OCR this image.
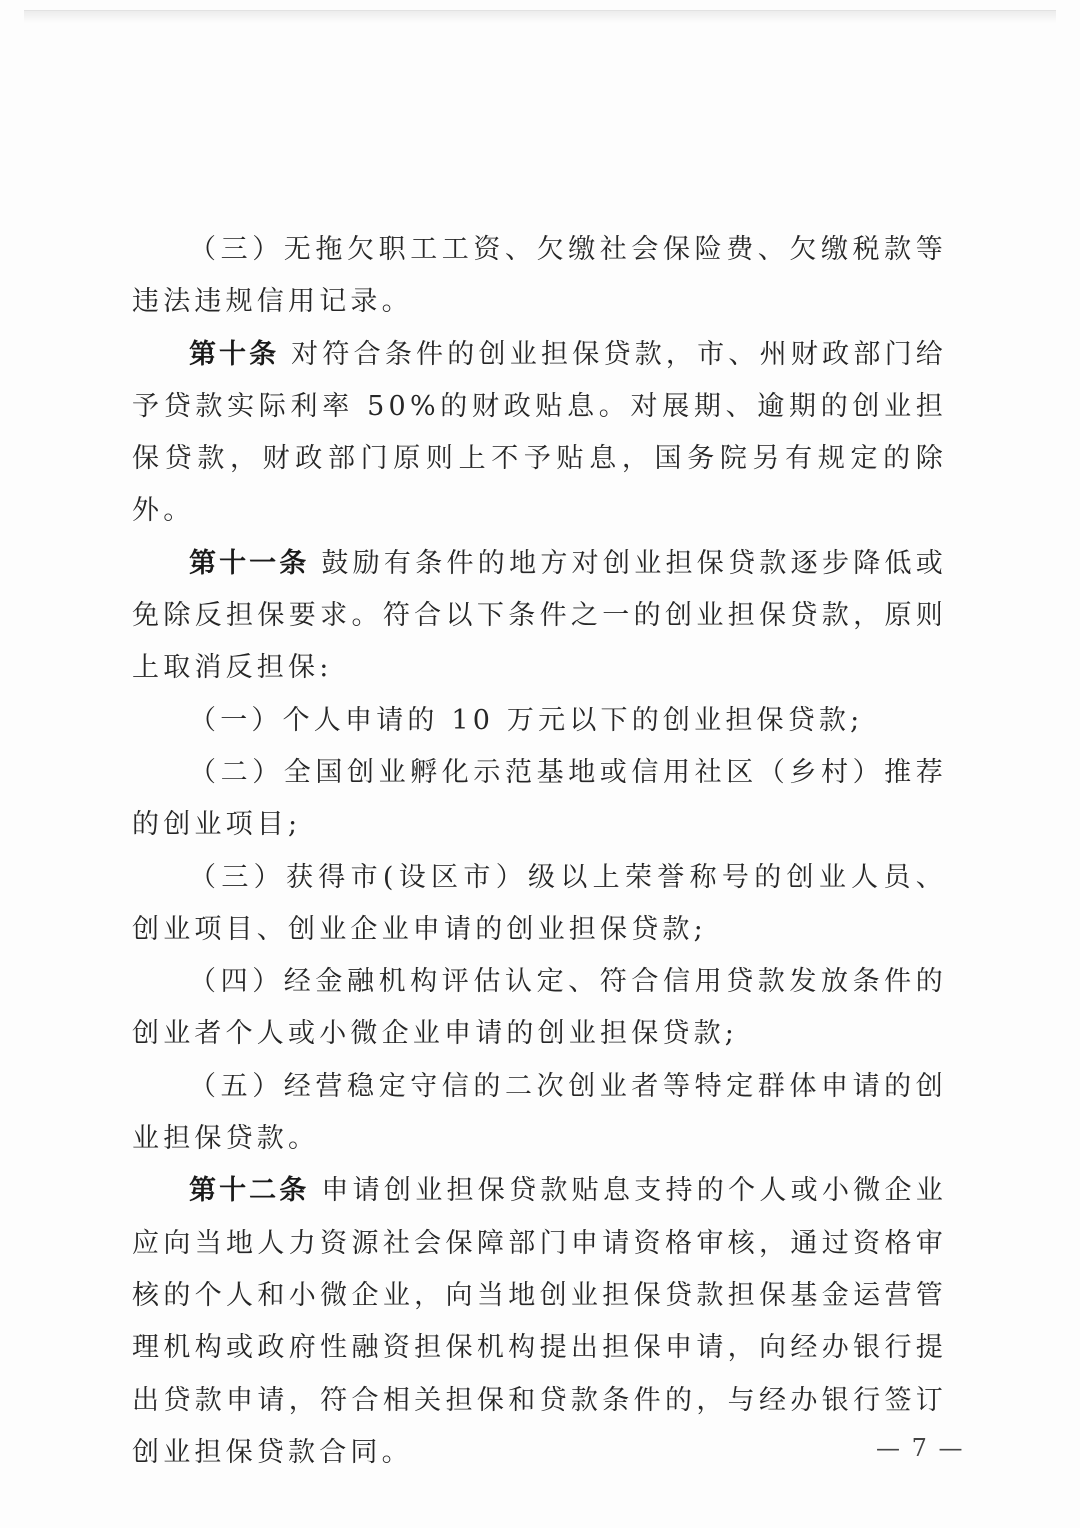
（三）无拖欠职工工资、欠缴社会保险费、欠缴税款等违法违规信用记录。

第十条 对符合条件的创业担保贷款，市、州财政部门给予贷款实际利率 50%的财政贴息。对展期、逾期的创业担保贷款，财政部门原则上不予贴息，国务院另有规定的除外。

第十一条 鼓励有条件的地方对创业担保贷款逐步降低或免除反担保要求。符合以下条件之一的创业担保贷款，原则上取消反担保:

（一）个人申请的 10 万元以下的创业担保贷款;

（二）全国创业孵化示范基地或信用社区（乡村）推荐的创业项目;

（三）获得市(设区市）级以上荣誉称号的创业人员、创业项目、创业企业申请的创业担保贷款;

（四）经金融机构评估认定、符合信用贷款发放条件的创业者个人或小微企业申请的创业担保贷款;

（五）经营稳定守信的二次创业者等特定群体申请的创业担保贷款。

第十二条 申请创业担保贷款贴息支持的个人或小微企业应向当地人力资源社会保障部门申请资格审核，通过资格审核的个人和小微企业，向当地创业担保贷款担保基金运营管理机构或政府性融资担保机构提出担保申请，向经办银行提出贷款申请，符合相关担保和贷款条件的，与经办银行签订创业担保贷款合同。	— 7 —
